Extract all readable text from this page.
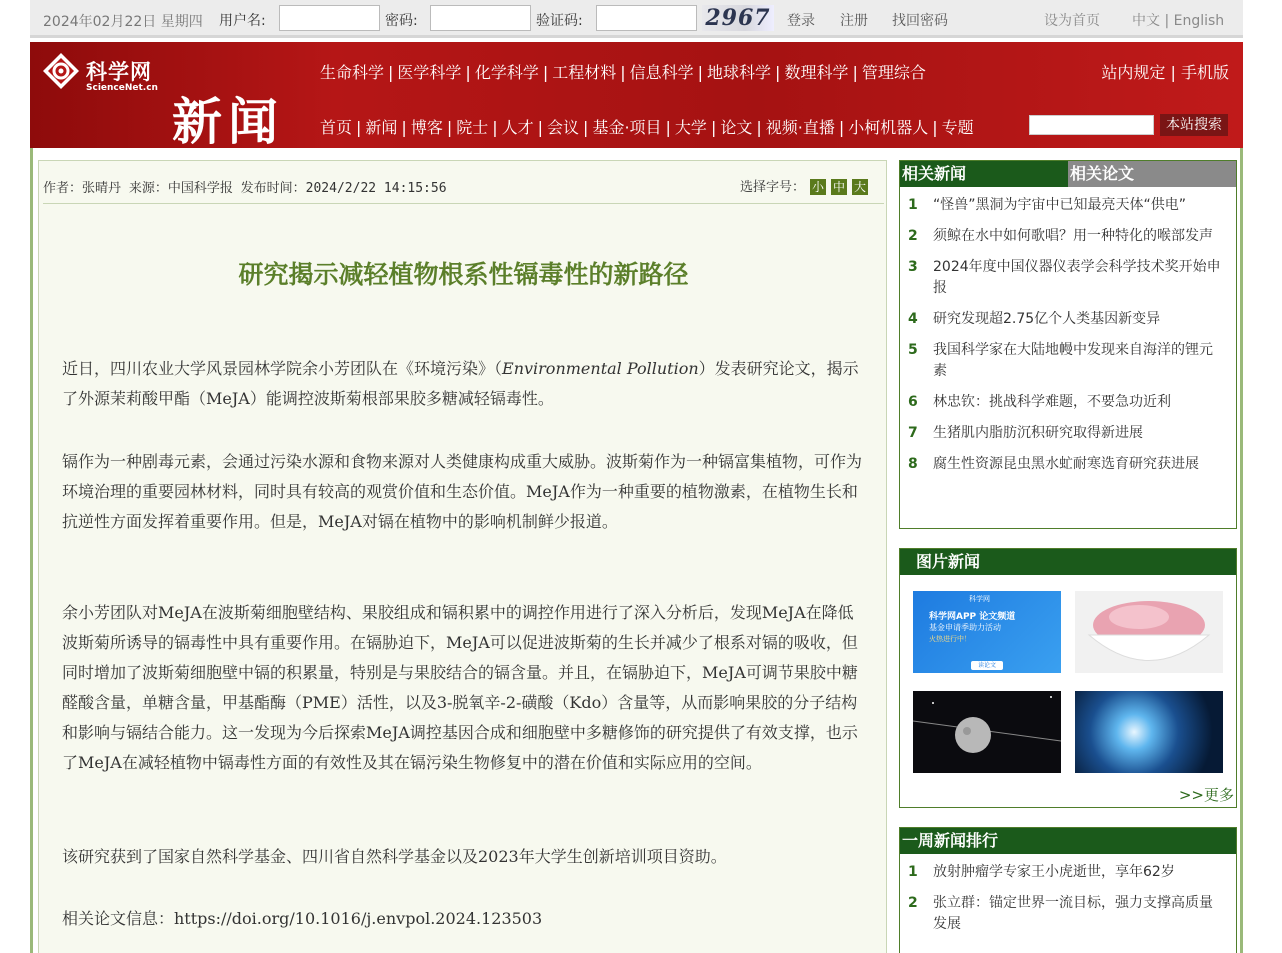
2024年02月22日 星期四 用户名:	密码:	验证码:	2967 登录 注册 找回密码	设为首页 中文 | English
科学网
ScienceNet.cn
新闻
生命科学 | 医学科学 | 化学科学 | 工程材料 | 信息科学 | 地球科学 | 数理科学 | 管理综合
首页 | 新闻 | 博客 | 院士 | 人才 | 会议 | 基金·项目 | 大学 | 论文 | 视频·直播 | 小柯机器人 | 专题
站内规定 | 手机版
本站搜索
作者：张晴丹 来源：中国科学报 发布时间：2024/2/22 14:15:56	选择字号： 小 中 大
研究揭示减轻植物根系性镉毒性的新路径

近日，四川农业大学风景园林学院余小芳团队在《环境污染》（Environmental Pollution）发表研究论文，揭示了外源茉莉酸甲酯（MeJA）能调控波斯菊根部果胶多糖减轻镉毒性。

镉作为一种剧毒元素，会通过污染水源和食物来源对人类健康构成重大威胁。波斯菊作为一种镉富集植物，可作为环境治理的重要园林材料，同时具有较高的观赏价值和生态价值。MeJA作为一种重要的植物激素，在植物生长和抗逆性方面发挥着重要作用。但是，MeJA对镉在植物中的影响机制鲜少报道。

余小芳团队对MeJA在波斯菊细胞壁结构、果胶组成和镉积累中的调控作用进行了深入分析后，发现MeJA在降低波斯菊所诱导的镉毒性中具有重要作用。在镉胁迫下，MeJA可以促进波斯菊的生长并减少了根系对镉的吸收，但同时增加了波斯菊细胞壁中镉的积累量，特别是与果胶结合的镉含量。并且，在镉胁迫下，MeJA可调节果胶中糖醛酸含量，单糖含量，甲基酯酶（PME）活性，以及3-脱氧辛-2-磺酸（Kdo）含量等，从而影响果胶的分子结构和影响与镉结合能力。这一发现为今后探索MeJA调控基因合成和细胞壁中多糖修饰的研究提供了有效支撑，也示了MeJA在减轻植物中镉毒性方面的有效性及其在镉污染生物修复中的潜在价值和实际应用的空间。

该研究获到了国家自然科学基金、四川省自然科学基金以及2023年大学生创新培训项目资助。

相关论文信息：https://doi.org/10.1016/j.envpol.2024.123503

相关新闻	相关论文
1	“怪兽”黑洞为宇宙中已知最亮天体“供电”
2	须鲸在水中如何歌唱？用一种特化的喉部发声
3	2024年度中国仪器仪表学会科学技术奖开始申报
4	研究发现超2.75亿个人类基因新变异
5	我国科学家在大陆地幔中发现来自海洋的锂元素
6	林忠钦：挑战科学难题，不要急功近利
7	生猪肌内脂肪沉积研究取得新进展
8	腐生性资源昆虫黑水虻耐寒选育研究获进展
图片新闻
科学网
科学网APP 论文频道
基金申请季助力活动
火热进行中！
读论文
>>更多
一周新闻排行
1	放射肿瘤学专家王小虎逝世，享年62岁
2	张立群：锚定世界一流目标，强力支撑高质量发展
